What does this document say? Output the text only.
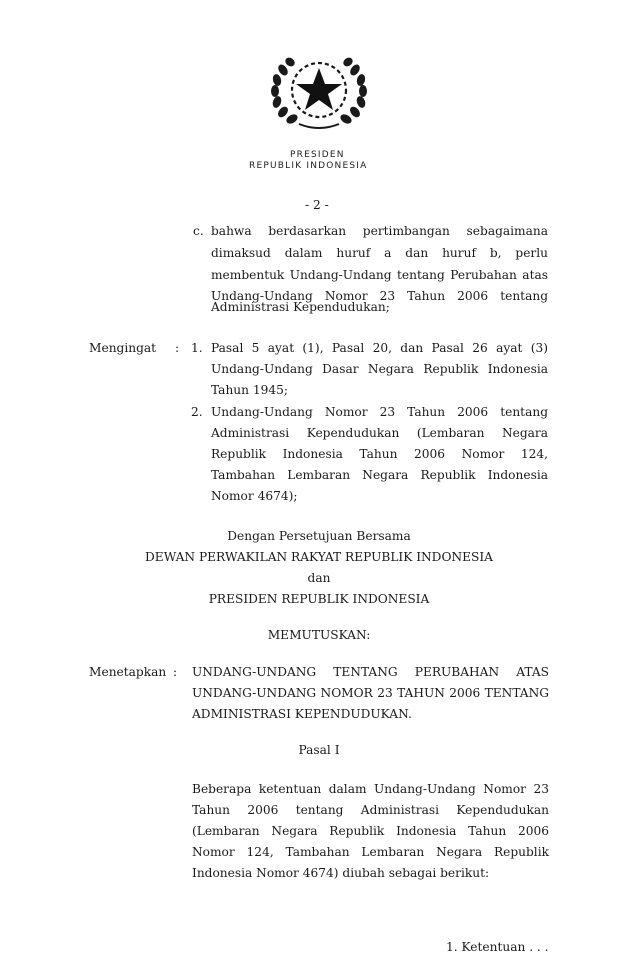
PRESIDEN
REPUBLIK INDONESIA
- 2 -
c. bahwa berdasarkan pertimbangan sebagaimana
dimaksud dalam huruf a dan huruf b, perlu
membentuk Undang-Undang tentang Perubahan atas
Undang-Undang Nomor 23 Tahun 2006 tentang
Administrasi Kependudukan;
Mengingat : 1. Pasal 5 ayat (1), Pasal 20, dan Pasal 26 ayat (3)
Undang-Undang Dasar Negara Republik Indonesia
Tahun 1945;
2. Undang-Undang Nomor 23 Tahun 2006 tentang
Administrasi Kependudukan (Lembaran Negara
Republik Indonesia Tahun 2006 Nomor 124,
Tambahan Lembaran Negara Republik Indonesia
Nomor 4674);
Dengan Persetujuan Bersama
DEWAN PERWAKILAN RAKYAT REPUBLIK INDONESIA
dan
PRESIDEN REPUBLIK INDONESIA
MEMUTUSKAN:
Menetapkan : UNDANG-UNDANG TENTANG PERUBAHAN ATAS
UNDANG-UNDANG NOMOR 23 TAHUN 2006 TENTANG
ADMINISTRASI KEPENDUDUKAN.
Pasal I
Beberapa ketentuan dalam Undang-Undang Nomor 23
Tahun 2006 tentang Administrasi Kependudukan
(Lembaran Negara Republik Indonesia Tahun 2006
Nomor 124, Tambahan Lembaran Negara Republik
Indonesia Nomor 4674) diubah sebagai berikut:
1. Ketentuan . . .
